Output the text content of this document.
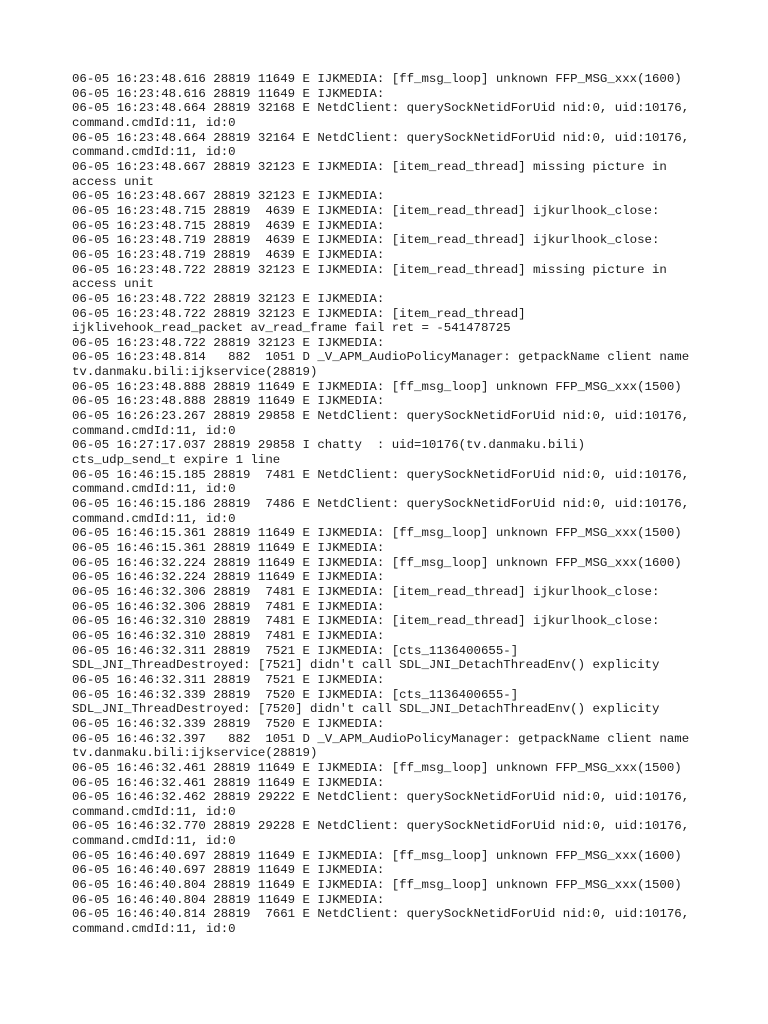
06-05 16:23:48.616 28819 11649 E IJKMEDIA: [ff_msg_loop] unknown FFP_MSG_xxx(1600)
06-05 16:23:48.616 28819 11649 E IJKMEDIA:
06-05 16:23:48.664 28819 32168 E NetdClient: querySockNetidForUid nid:0, uid:10176,
command.cmdId:11, id:0
06-05 16:23:48.664 28819 32164 E NetdClient: querySockNetidForUid nid:0, uid:10176,
command.cmdId:11, id:0
06-05 16:23:48.667 28819 32123 E IJKMEDIA: [item_read_thread] missing picture in
access unit
06-05 16:23:48.667 28819 32123 E IJKMEDIA:
06-05 16:23:48.715 28819  4639 E IJKMEDIA: [item_read_thread] ijkurlhook_close:
06-05 16:23:48.715 28819  4639 E IJKMEDIA:
06-05 16:23:48.719 28819  4639 E IJKMEDIA: [item_read_thread] ijkurlhook_close:
06-05 16:23:48.719 28819  4639 E IJKMEDIA:
06-05 16:23:48.722 28819 32123 E IJKMEDIA: [item_read_thread] missing picture in
access unit
06-05 16:23:48.722 28819 32123 E IJKMEDIA:
06-05 16:23:48.722 28819 32123 E IJKMEDIA: [item_read_thread]
ijklivehook_read_packet av_read_frame fail ret = -541478725
06-05 16:23:48.722 28819 32123 E IJKMEDIA:
06-05 16:23:48.814   882  1051 D _V_APM_AudioPolicyManager: getpackName client name
tv.danmaku.bili:ijkservice(28819)
06-05 16:23:48.888 28819 11649 E IJKMEDIA: [ff_msg_loop] unknown FFP_MSG_xxx(1500)
06-05 16:23:48.888 28819 11649 E IJKMEDIA:
06-05 16:26:23.267 28819 29858 E NetdClient: querySockNetidForUid nid:0, uid:10176,
command.cmdId:11, id:0
06-05 16:27:17.037 28819 29858 I chatty  : uid=10176(tv.danmaku.bili)
cts_udp_send_t expire 1 line
06-05 16:46:15.185 28819  7481 E NetdClient: querySockNetidForUid nid:0, uid:10176,
command.cmdId:11, id:0
06-05 16:46:15.186 28819  7486 E NetdClient: querySockNetidForUid nid:0, uid:10176,
command.cmdId:11, id:0
06-05 16:46:15.361 28819 11649 E IJKMEDIA: [ff_msg_loop] unknown FFP_MSG_xxx(1500)
06-05 16:46:15.361 28819 11649 E IJKMEDIA:
06-05 16:46:32.224 28819 11649 E IJKMEDIA: [ff_msg_loop] unknown FFP_MSG_xxx(1600)
06-05 16:46:32.224 28819 11649 E IJKMEDIA:
06-05 16:46:32.306 28819  7481 E IJKMEDIA: [item_read_thread] ijkurlhook_close:
06-05 16:46:32.306 28819  7481 E IJKMEDIA:
06-05 16:46:32.310 28819  7481 E IJKMEDIA: [item_read_thread] ijkurlhook_close:
06-05 16:46:32.310 28819  7481 E IJKMEDIA:
06-05 16:46:32.311 28819  7521 E IJKMEDIA: [cts_1136400655-]
SDL_JNI_ThreadDestroyed: [7521] didn't call SDL_JNI_DetachThreadEnv() explicity
06-05 16:46:32.311 28819  7521 E IJKMEDIA:
06-05 16:46:32.339 28819  7520 E IJKMEDIA: [cts_1136400655-]
SDL_JNI_ThreadDestroyed: [7520] didn't call SDL_JNI_DetachThreadEnv() explicity
06-05 16:46:32.339 28819  7520 E IJKMEDIA:
06-05 16:46:32.397   882  1051 D _V_APM_AudioPolicyManager: getpackName client name
tv.danmaku.bili:ijkservice(28819)
06-05 16:46:32.461 28819 11649 E IJKMEDIA: [ff_msg_loop] unknown FFP_MSG_xxx(1500)
06-05 16:46:32.461 28819 11649 E IJKMEDIA:
06-05 16:46:32.462 28819 29222 E NetdClient: querySockNetidForUid nid:0, uid:10176,
command.cmdId:11, id:0
06-05 16:46:32.770 28819 29228 E NetdClient: querySockNetidForUid nid:0, uid:10176,
command.cmdId:11, id:0
06-05 16:46:40.697 28819 11649 E IJKMEDIA: [ff_msg_loop] unknown FFP_MSG_xxx(1600)
06-05 16:46:40.697 28819 11649 E IJKMEDIA:
06-05 16:46:40.804 28819 11649 E IJKMEDIA: [ff_msg_loop] unknown FFP_MSG_xxx(1500)
06-05 16:46:40.804 28819 11649 E IJKMEDIA:
06-05 16:46:40.814 28819  7661 E NetdClient: querySockNetidForUid nid:0, uid:10176,
command.cmdId:11, id:0
